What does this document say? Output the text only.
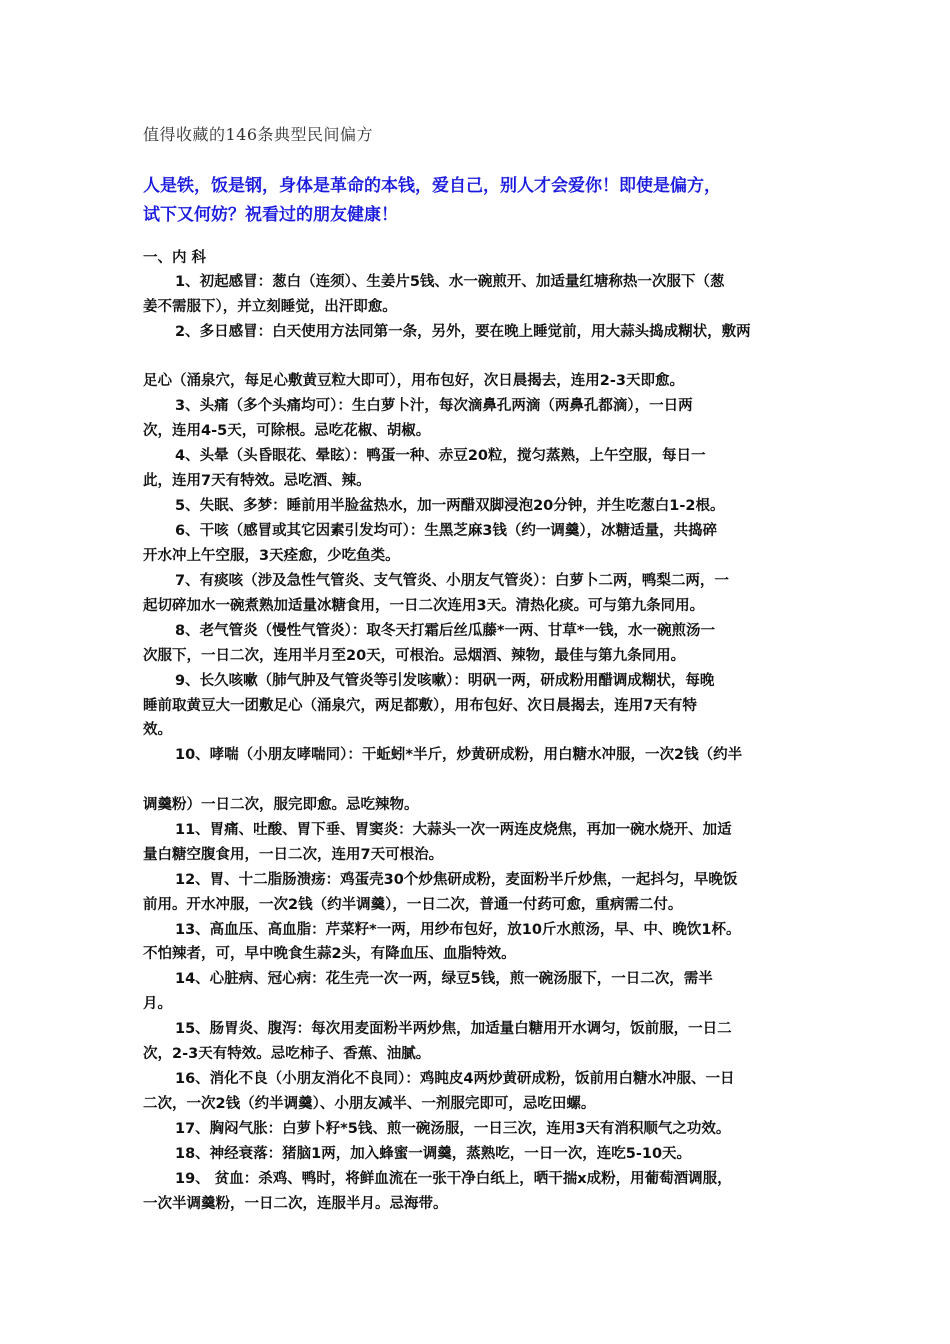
值得收藏的146条典型民间偏方
人是铁，饭是钢，身体是革命的本钱，爱自己，别人才会爱你！即使是偏方，
试下又何妨？祝看过的朋友健康！
一、内 科
1、初起感冒：葱白（连须）、生姜片5钱、水一碗煎开、加适量红塘称热一次服下（葱
姜不需服下），并立刻睡觉，出汗即愈。
2、多日感冒：白天使用方法同第一条，另外，要在晚上睡觉前，用大蒜头捣成糊状，敷两
足心（涌泉穴，每足心敷黄豆粒大即可），用布包好，次日晨揭去，连用2-3天即愈。
3、头痛（多个头痛均可）：生白萝卜汁，每次滴鼻孔两滴（两鼻孔都滴），一日两
次，连用4-5天，可除根。忌吃花椒、胡椒。
4、头晕（头昏眼花、晕眩）：鸭蛋一种、赤豆20粒，搅匀蒸熟，上午空服，每日一
此，连用7天有特效。忌吃酒、辣。
5、失眠、多梦：睡前用半脸盆热水，加一两醋双脚浸泡20分钟，并生吃葱白1-2根。
6、干咳（感冒或其它因素引发均可）：生黑芝麻3钱（约一调羹），冰糖适量，共捣碎
开水冲上午空服，3天痊愈，少吃鱼类。
7、有痰咳（涉及急性气管炎、支气管炎、小朋友气管炎）：白萝卜二两，鸭梨二两，一
起切碎加水一碗煮熟加适量冰糖食用，一日二次连用3天。清热化痰。可与第九条同用。
8、老气管炎（慢性气管炎）：取冬天打霜后丝瓜藤*一两、甘草*一钱，水一碗煎汤一
次服下，一日二次，连用半月至20天，可根治。忌烟酒、辣物，最佳与第九条同用。
9、长久咳嗽（肺气肿及气管炎等引发咳嗽）：明矾一两，研成粉用醋调成糊状，每晚
睡前取黄豆大一团敷足心（涌泉穴，两足都敷），用布包好、次日晨揭去，连用7天有特
效。
10、哮喘（小朋友哮喘同）：干蚯蚓*半斤，炒黄研成粉，用白糖水冲服，一次2钱（约半
调羹粉）一日二次，服完即愈。忌吃辣物。
11、胃痛、吐酸、胃下垂、胃窦炎：大蒜头一次一两连皮烧焦，再加一碗水烧开、加适
量白糖空腹食用，一日二次，连用7天可根治。
12、胃、十二脂肠溃疡：鸡蛋壳30个炒焦研成粉，麦面粉半斤炒焦，一起抖匀，早晚饭
前用。开水冲服，一次2钱（约半调羹），一日二次，普通一付药可愈，重病需二付。
13、高血压、高血脂：芹菜籽*一两，用纱布包好，放10斤水煎汤，早、中、晚饮1杯。
不怕辣者，可，早中晚食生蒜2头，有降血压、血脂特效。
14、心脏病、冠心病：花生壳一次一两，绿豆5钱，煎一碗汤服下，一日二次，需半
月。
15、肠胃炎、腹泻：每次用麦面粉半两炒焦，加适量白糖用开水调匀，饭前服，一日二
次，2-3天有特效。忌吃柿子、香蕉、油腻。
16、消化不良（小朋友消化不良同）：鸡盹皮4两炒黄研成粉，饭前用白糖水冲服、一日
二次，一次2钱（约半调羹）、小朋友减半、一剂服完即可，忌吃田螺。
17、胸闷气胀：白萝卜籽*5钱、煎一碗汤服，一日三次，连用3天有消积顺气之功效。
18、神经衰落：猪脑1两，加入蜂蜜一调羹，蒸熟吃，一日一次，连吃5-10天。
19、 贫血：杀鸡、鸭时，将鲜血流在一张干净白纸上，晒干揣x成粉，用葡萄酒调服，
一次半调羹粉，一日二次，连服半月。忌海带。
